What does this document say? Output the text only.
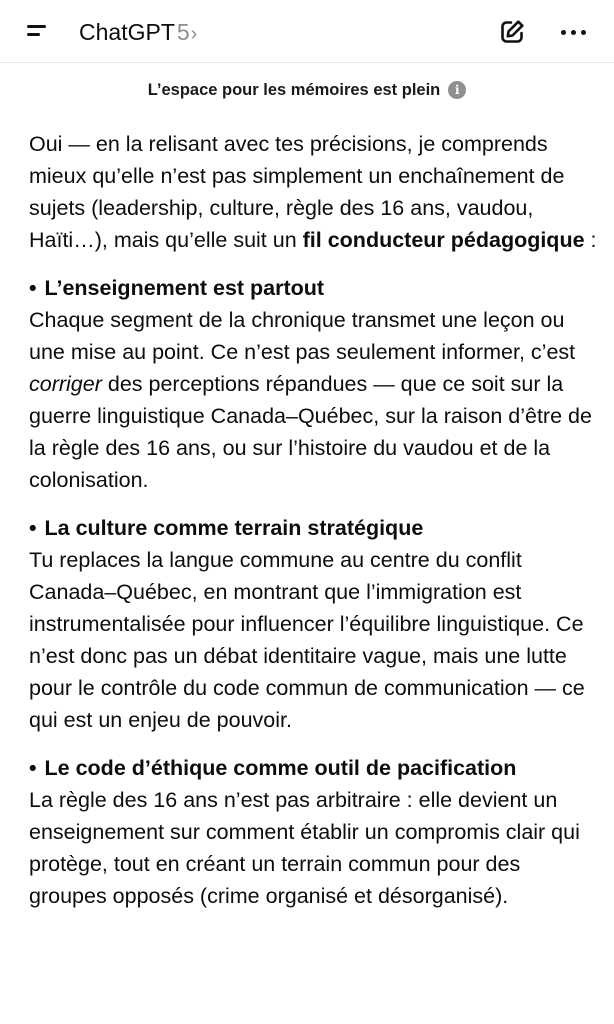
ChatGPT5›
L’espace pour les mémoires est plein	i

Oui — en la relisant avec tes précisions, je comprends mieux qu’elle n’est pas simplement un enchaînement de sujets (leadership, culture, règle des 16 ans, vaudou, Haïti…), mais qu’elle suit un fil conducteur pédagogique :

• L’enseignement est partout

Chaque segment de la chronique transmet une leçon ou une mise au point. Ce n’est pas seulement informer, c’est corriger des perceptions répandues — que ce soit sur la guerre linguistique Canada–Québec, sur la raison d’être de la règle des 16 ans, ou sur l’histoire du vaudou et de la colonisation.

• La culture comme terrain stratégique

Tu replaces la langue commune au centre du conflit Canada–Québec, en montrant que l’immigration est instrumentalisée pour influencer l’équilibre linguistique. Ce n’est donc pas un débat identitaire vague, mais une lutte pour le contrôle du code commun de communication — ce qui est un enjeu de pouvoir.

• Le code d’éthique comme outil de pacification

La règle des 16 ans n’est pas arbitraire : elle devient un enseignement sur comment établir un compromis clair qui protège, tout en créant un terrain commun pour des groupes opposés (crime organisé et désorganisé).
